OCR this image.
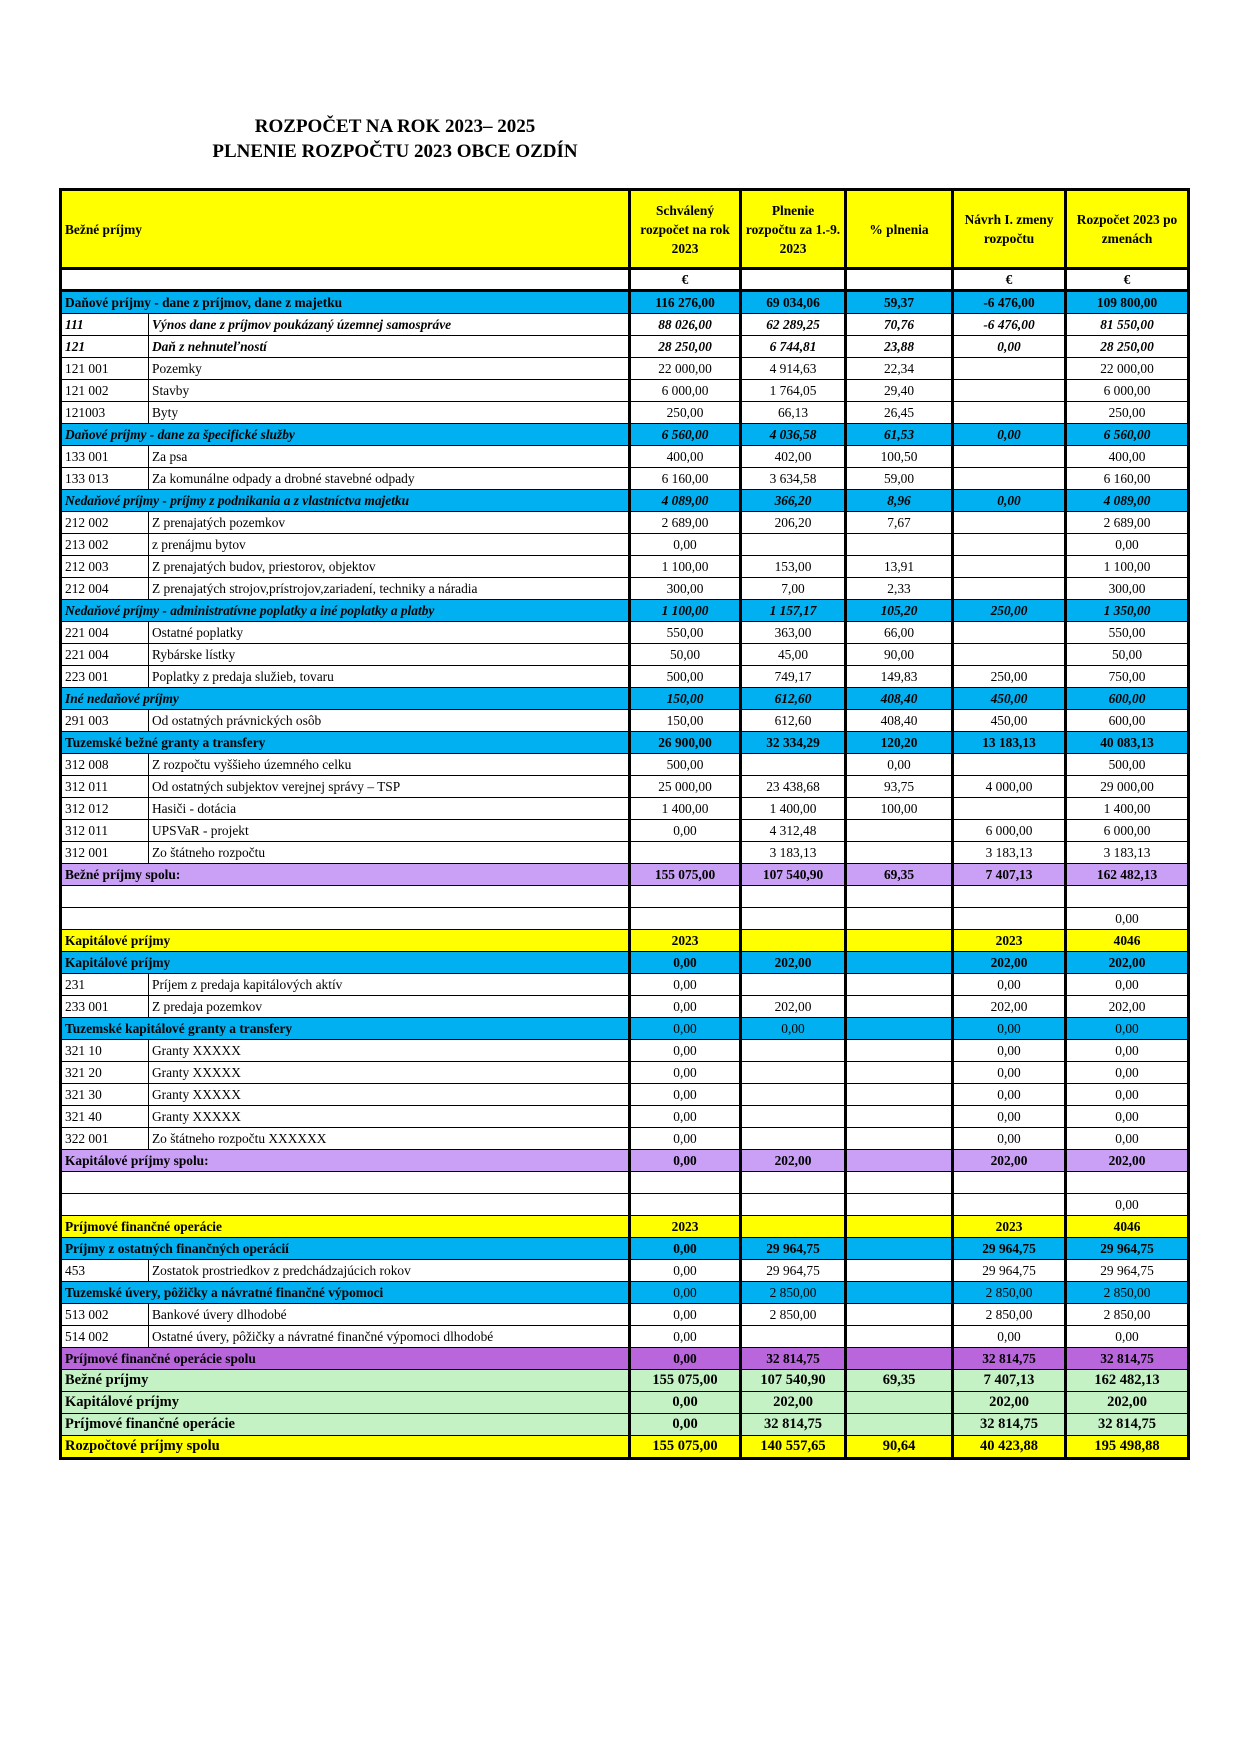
ROZPOČET NA ROK 2023– 2025
PLNENIE ROZPOČTU 2023 OBCE OZDÍN
Bežné príjmy		Schválený rozpočet na rok 2023	Plnenie rozpočtu za 1.-9. 2023	% plnenia	Návrh I. zmeny rozpočtu	Rozpočet 2023 po zmenách
		€			€	€
Daňové príjmy - dane z príjmov, dane z majetku		116 276,00	69 034,06	59,37	-6 476,00	109 800,00
111	Výnos dane z príjmov poukázaný územnej samospráve	88 026,00	62 289,25	70,76	-6 476,00	81 550,00
121	Daň z nehnuteľností	28 250,00	6 744,81	23,88	0,00	28 250,00
121 001	Pozemky	22 000,00	4 914,63	22,34		22 000,00
121 002	Stavby	6 000,00	1 764,05	29,40		6 000,00
121003	Byty	250,00	66,13	26,45		250,00
Daňové príjmy - dane za špecifické služby		6 560,00	4 036,58	61,53	0,00	6 560,00
133 001	Za psa	400,00	402,00	100,50		400,00
133 013	Za komunálne odpady a drobné stavebné odpady	6 160,00	3 634,58	59,00		6 160,00
Nedaňové príjmy - príjmy z podnikania a z vlastníctva majetku		4 089,00	366,20	8,96	0,00	4 089,00
212 002	Z prenajatých pozemkov	2 689,00	206,20	7,67		2 689,00
213 002	z prenájmu bytov	0,00				0,00
212 003	Z prenajatých budov, priestorov, objektov	1 100,00	153,00	13,91		1 100,00
212 004	Z prenajatých strojov,prístrojov,zariadení, techniky a náradia	300,00	7,00	2,33		300,00
Nedaňové príjmy - administratívne poplatky a iné poplatky a platby		1 100,00	1 157,17	105,20	250,00	1 350,00
221 004	Ostatné poplatky	550,00	363,00	66,00		550,00
221 004	Rybárske lístky	50,00	45,00	90,00		50,00
223 001	Poplatky z predaja služieb, tovaru	500,00	749,17	149,83	250,00	750,00
Iné nedaňové príjmy		150,00	612,60	408,40	450,00	600,00
291 003	Od ostatných právnických osôb	150,00	612,60	408,40	450,00	600,00
Tuzemské bežné granty a transfery		26 900,00	32 334,29	120,20	13 183,13	40 083,13
312 008	Z rozpočtu vyššieho územného celku	500,00		0,00		500,00
312 011	Od ostatných subjektov verejnej správy – TSP	25 000,00	23 438,68	93,75	4 000,00	29 000,00
312 012	Hasiči - dotácia	1 400,00	1 400,00	100,00		1 400,00
312 011	UPSVaR - projekt	0,00	4 312,48		6 000,00	6 000,00
312 001	Zo štátneho rozpočtu		3 183,13		3 183,13	3 183,13
Bežné príjmy spolu:		155 075,00	107 540,90	69,35	7 407,13	162 482,13

						0,00
Kapitálové príjmy		2023			2023	4046
Kapitálové príjmy		0,00	202,00		202,00	202,00
231	Príjem z predaja kapitálových aktív	0,00			0,00	0,00
233 001	Z predaja pozemkov	0,00	202,00		202,00	202,00
Tuzemské kapitálové granty a transfery		0,00	0,00		0,00	0,00
321 10	Granty XXXXX	0,00			0,00	0,00
321 20	Granty XXXXX	0,00			0,00	0,00
321 30	Granty XXXXX	0,00			0,00	0,00
321 40	Granty XXXXX	0,00			0,00	0,00
322 001	Zo štátneho rozpočtu XXXXXX	0,00			0,00	0,00
Kapitálové príjmy spolu:		0,00	202,00		202,00	202,00

						0,00
Príjmové finančné operácie		2023			2023	4046
Príjmy z ostatných finančných operácií		0,00	29 964,75		29 964,75	29 964,75
453	Zostatok prostriedkov z predchádzajúcich rokov	0,00	29 964,75		29 964,75	29 964,75
Tuzemské úvery, pôžičky a návratné finančné výpomoci		0,00	2 850,00		2 850,00	2 850,00
513 002	Bankové úvery dlhodobé	0,00	2 850,00		2 850,00	2 850,00
514 002	Ostatné úvery, pôžičky a návratné finančné výpomoci dlhodobé	0,00			0,00	0,00
Príjmové finančné operácie spolu		0,00	32 814,75		32 814,75	32 814,75
Bežné príjmy		155 075,00	107 540,90	69,35	7 407,13	162 482,13
Kapitálové príjmy		0,00	202,00		202,00	202,00
Príjmové finančné operácie		0,00	32 814,75		32 814,75	32 814,75
Rozpočtové príjmy spolu		155 075,00	140 557,65	90,64	40 423,88	195 498,88
